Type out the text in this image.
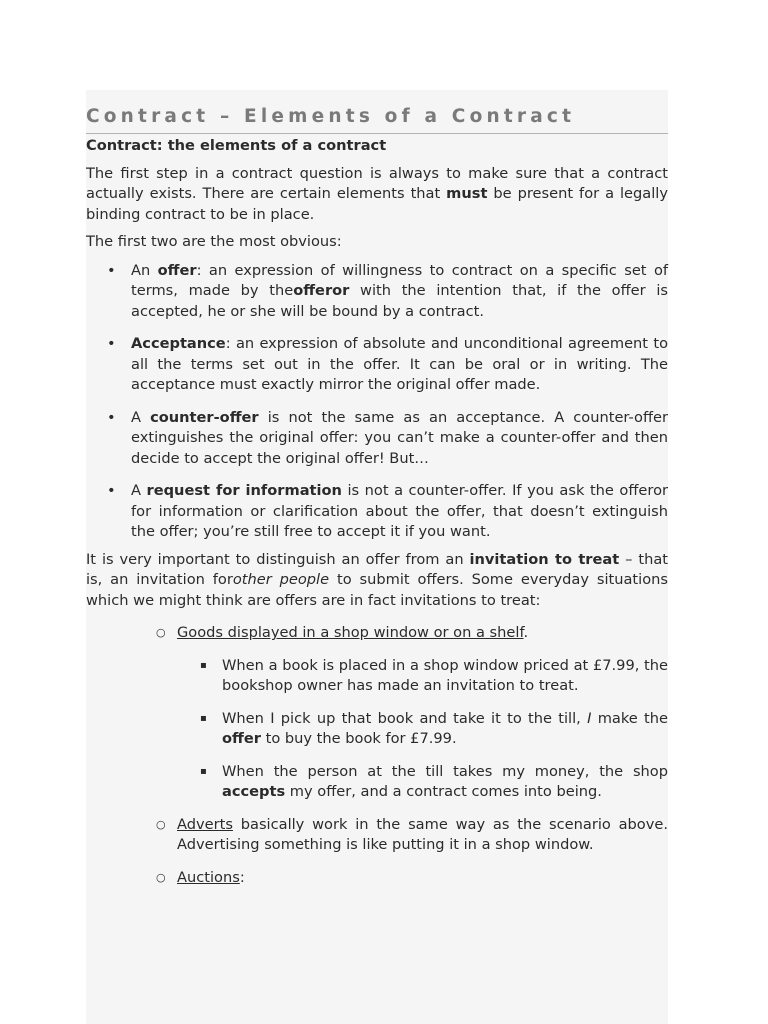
Contract – Elements of a Contract

Contract: the elements of a contract

The first step in a contract question is always to make sure that a contract actually exists. There are certain elements that must be present for a legally binding contract to be in place.

The first two are the most obvious:

• An offer: an expression of willingness to contract on a specific set of terms, made by theofferor with the intention that, if the offer is accepted, he or she will be bound by a contract.
• Acceptance: an expression of absolute and unconditional agreement to all the terms set out in the offer. It can be oral or in writing. The acceptance must exactly mirror the original offer made.
• A counter-offer is not the same as an acceptance. A counter-offer extinguishes the original offer: you can’t make a counter-offer and then decide to accept the original offer! But…
• A request for information is not a counter-offer. If you ask the offeror for information or clarification about the offer, that doesn’t extinguish the offer; you’re still free to accept it if you want.

It is very important to distinguish an offer from an invitation to treat – that is, an invitation forother people to submit offers. Some everyday situations which we might think are offers are in fact invitations to treat:

○ Goods displayed in a shop window or on a shelf.
▪ When a book is placed in a shop window priced at £7.99, the bookshop owner has made an invitation to treat.
▪ When I pick up that book and take it to the till, I make the offer to buy the book for £7.99.
▪ When the person at the till takes my money, the shop accepts my offer, and a contract comes into being.
○ Adverts basically work in the same way as the scenario above. Advertising something is like putting it in a shop window.
○ Auctions:
